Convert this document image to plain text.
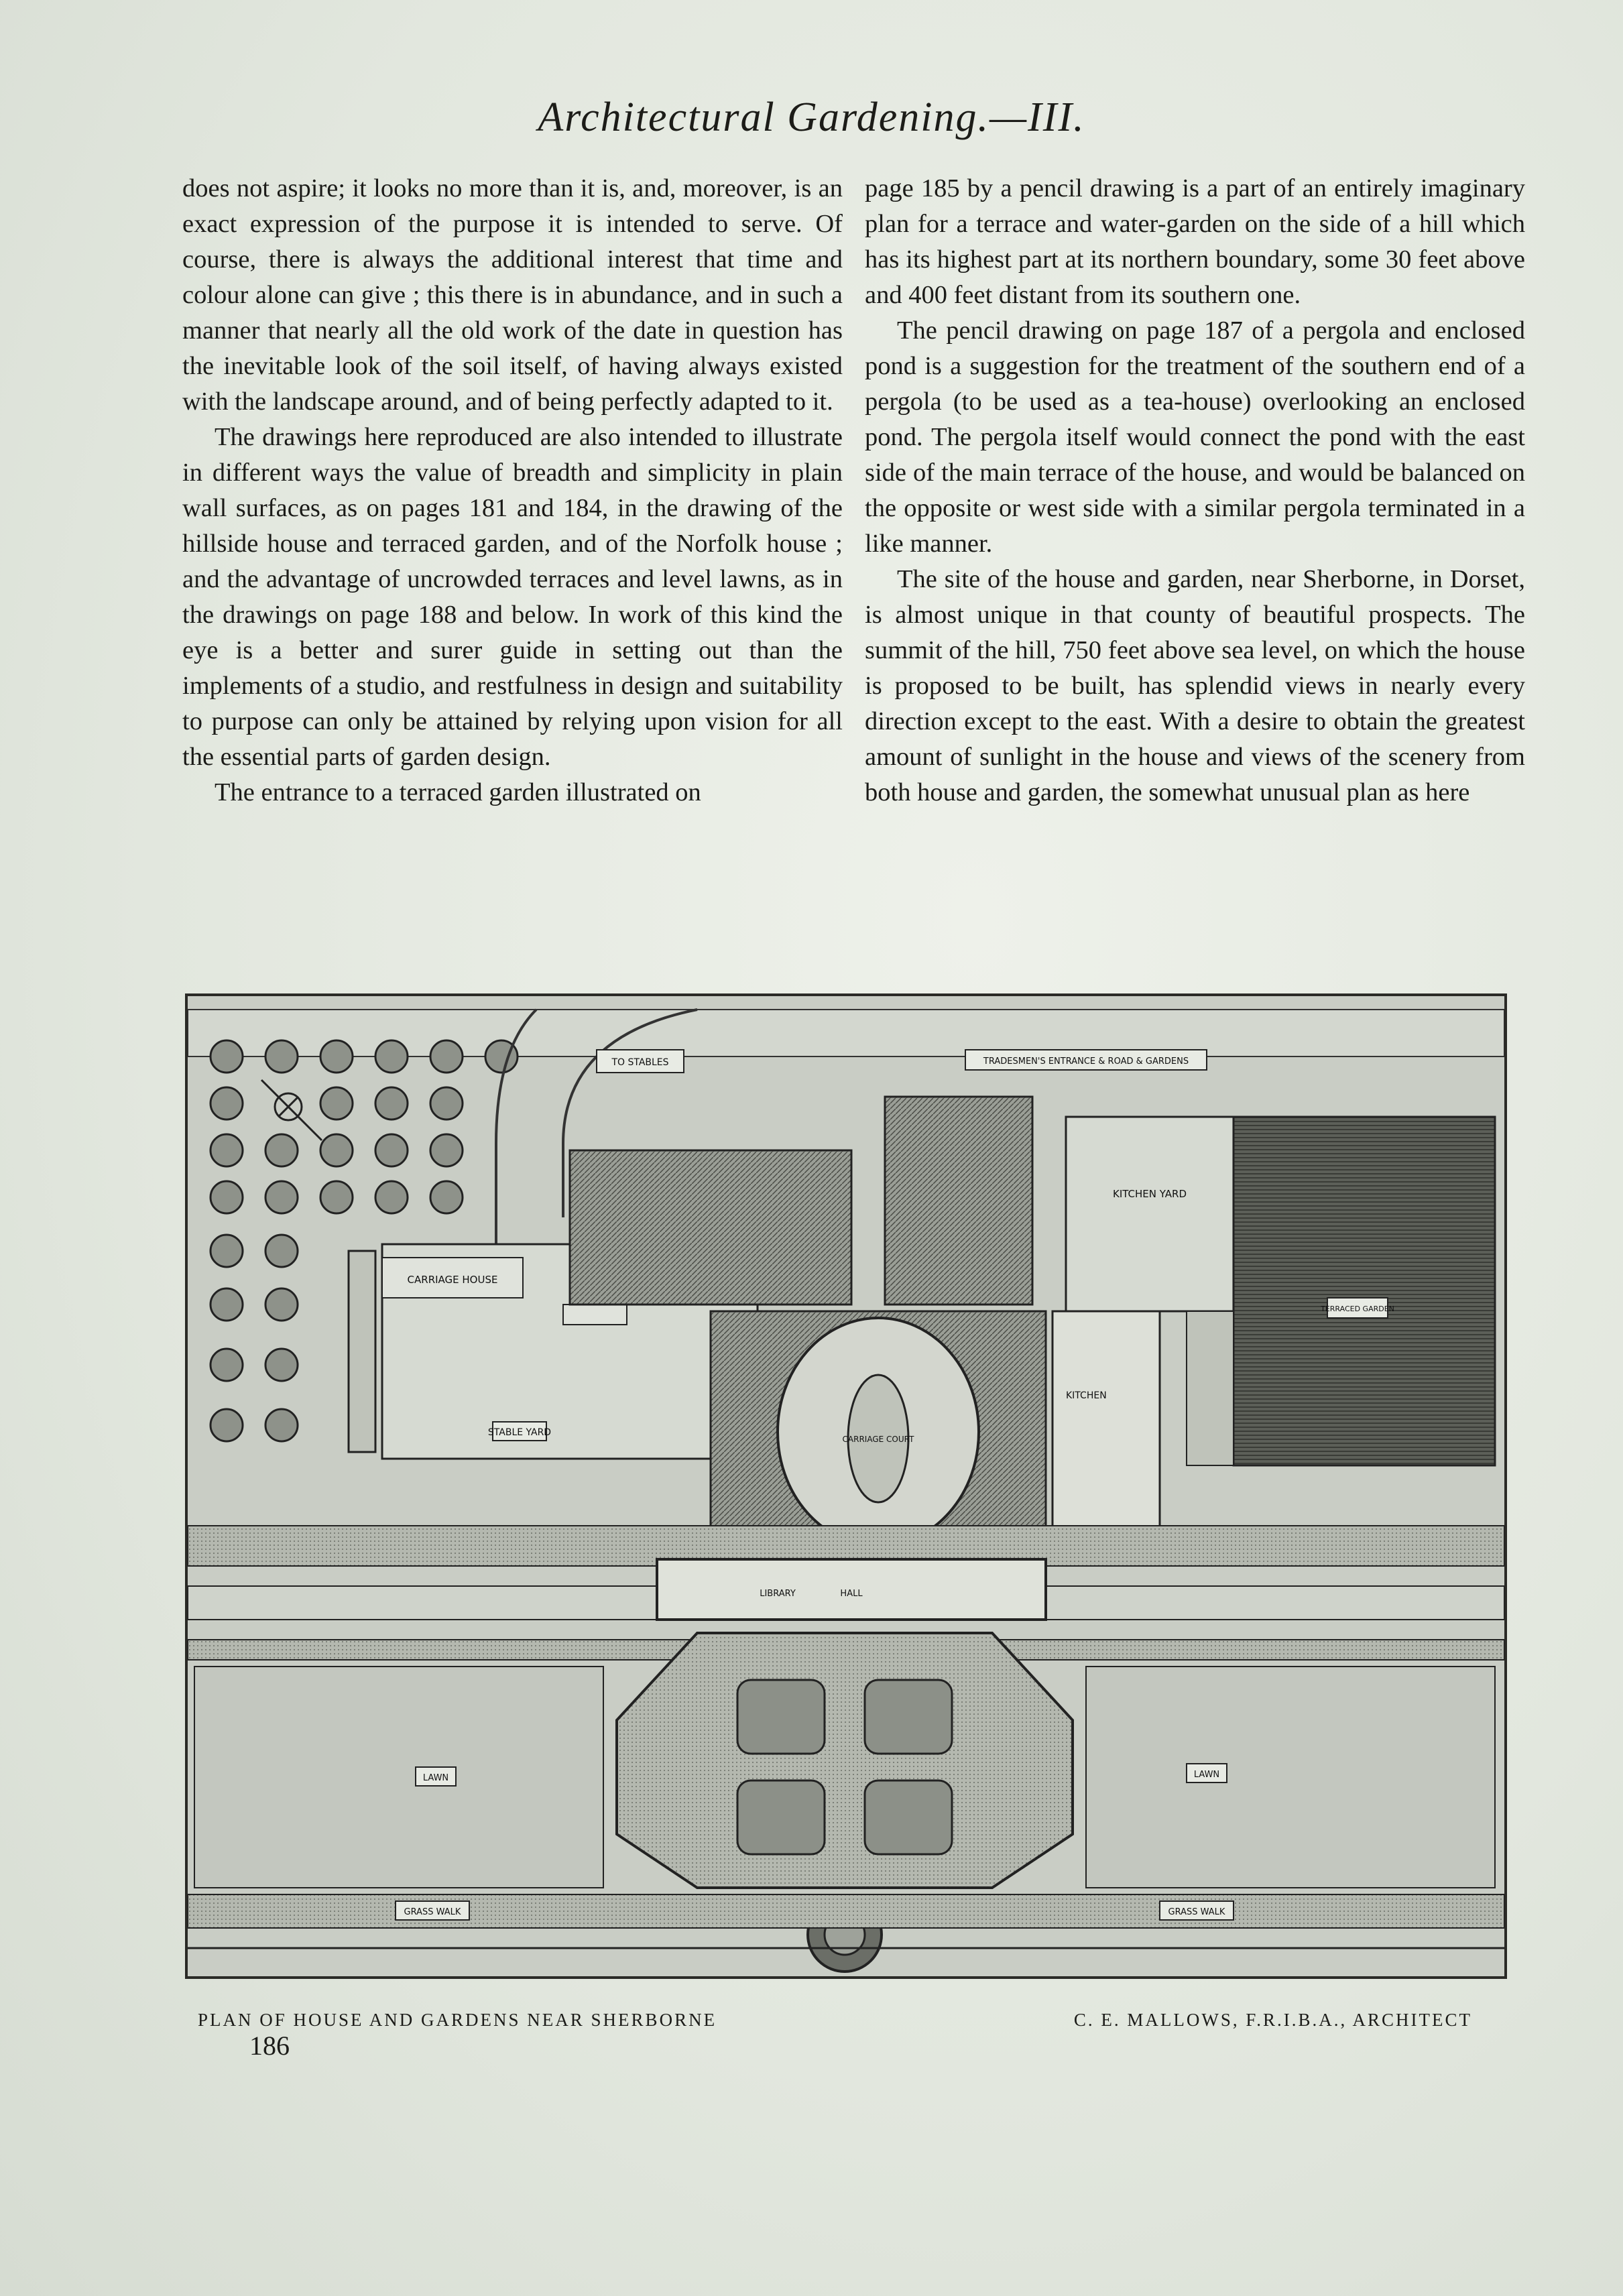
Architectural Gardening.—III.

does not aspire; it looks no more than it is, and, moreover, is an exact expression of the purpose it is intended to serve. Of course, there is always the additional interest that time and colour alone can give ; this there is in abundance, and in such a manner that nearly all the old work of the date in question has the inevitable look of the soil itself, of having always existed with the landscape around, and of being perfectly adapted to it.

The drawings here reproduced are also intended to illustrate in different ways the value of breadth and simplicity in plain wall surfaces, as on pages 181 and 184, in the drawing of the hillside house and terraced garden, and of the Norfolk house ; and the advantage of uncrowded terraces and level lawns, as in the drawings on page 188 and below. In work of this kind the eye is a better and surer guide in setting out than the implements of a studio, and restfulness in design and suitability to purpose can only be attained by relying upon vision for all the essential parts of garden design.

The entrance to a terraced garden illustrated on

page 185 by a pencil drawing is a part of an entirely imaginary plan for a terrace and water-garden on the side of a hill which has its highest part at its northern boundary, some 30 feet above and 400 feet distant from its southern one.

The pencil drawing on page 187 of a pergola and enclosed pond is a suggestion for the treatment of the southern end of a pergola (to be used as a tea-house) overlooking an enclosed pond. The pergola itself would connect the pond with the east side of the main terrace of the house, and would be balanced on the opposite or west side with a similar pergola terminated in a like manner.

The site of the house and garden, near Sherborne, in Dorset, is almost unique in that county of beautiful prospects. The summit of the hill, 750 feet above sea level, on which the house is proposed to be built, has splendid views in nearly every direction except to the east. With a desire to obtain the greatest amount of sunlight in the house and views of the scenery from both house and garden, the somewhat unusual plan as here

CARRIAGE HOUSE
STABLE YARD
TO STABLES	TRADESMEN'S ENTRANCE & ROAD & GARDENS
KITCHEN YARD
CARRIAGE COURT
KITCHEN
TERRACED GARDEN
LIBRARY	HALL
LAWN	LAWN
GRASS WALK	GRASS WALK
PLAN OF HOUSE AND GARDENS NEAR SHERBORNE	C. E. MALLOWS, F.R.I.B.A., ARCHITECT
186
